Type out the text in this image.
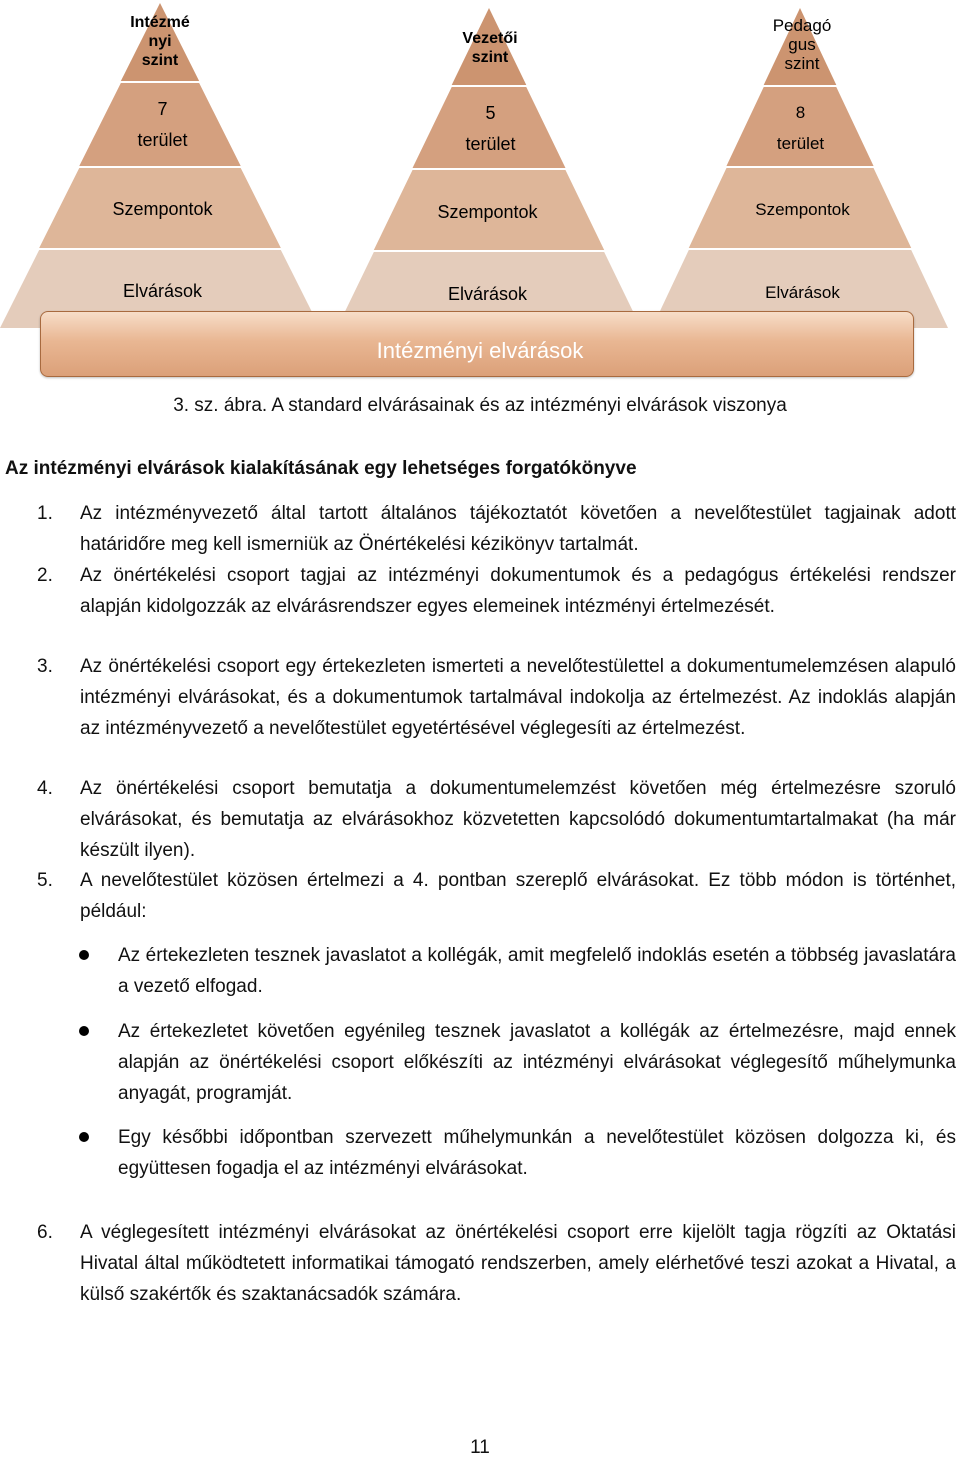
Intézmé
nyi
szint
7
terület
Szempontok
Elvárások
Vezetői
szint
5
terület
Szempontok
Elvárások
Pedagó
gus
szint
8
terület
Szempontok
Elvárások
Intézményi elvárások
3. sz. ábra. A standard elvárásainak és az intézményi elvárások viszonya
Az intézményi elvárások kialakításának egy lehetséges forgatókönyve
1. Az intézményvezető által tartott általános tájékoztatót követően a nevelőtestület tagjainak adott határidőre meg kell ismerniük az Önértékelési kézikönyv tartalmát.
2. Az önértékelési csoport tagjai az intézményi dokumentumok és a pedagógus értékelési rendszer alapján kidolgozzák az elvárásrendszer egyes elemeinek intézményi értelmezését.
3. Az önértékelési csoport egy értekezleten ismerteti a nevelőtestülettel a dokumentumelemzésen alapuló intézményi elvárásokat, és a dokumentumok tartalmával indokolja az értelmezést. Az indoklás alapján az intézményvezető a nevelőtestület egyetértésével véglegesíti az értelmezést.
4. Az önértékelési csoport bemutatja a dokumentumelemzést követően még értelmezésre szoruló elvárásokat, és bemutatja az elvárásokhoz közvetetten kapcsolódó dokumentumtartalmakat (ha már készült ilyen).
5. A nevelőtestület közösen értelmezi a 4. pontban szereplő elvárásokat. Ez több módon is történhet, például:
Az értekezleten tesznek javaslatot a kollégák, amit megfelelő indoklás esetén a többség javaslatára a vezető elfogad.
Az értekezletet követően egyénileg tesznek javaslatot a kollégák az értelmezésre, majd ennek alapján az önértékelési csoport előkészíti az intézményi elvárásokat véglegesítő műhelymunka anyagát, programját.
Egy későbbi időpontban szervezett műhelymunkán a nevelőtestület közösen dolgozza ki, és együttesen fogadja el az intézményi elvárásokat.
6. A véglegesített intézményi elvárásokat az önértékelési csoport erre kijelölt tagja rögzíti az Oktatási Hivatal által működtetett informatikai támogató rendszerben, amely elérhetővé teszi azokat a Hivatal, a külső szakértők és szaktanácsadók számára.
11
